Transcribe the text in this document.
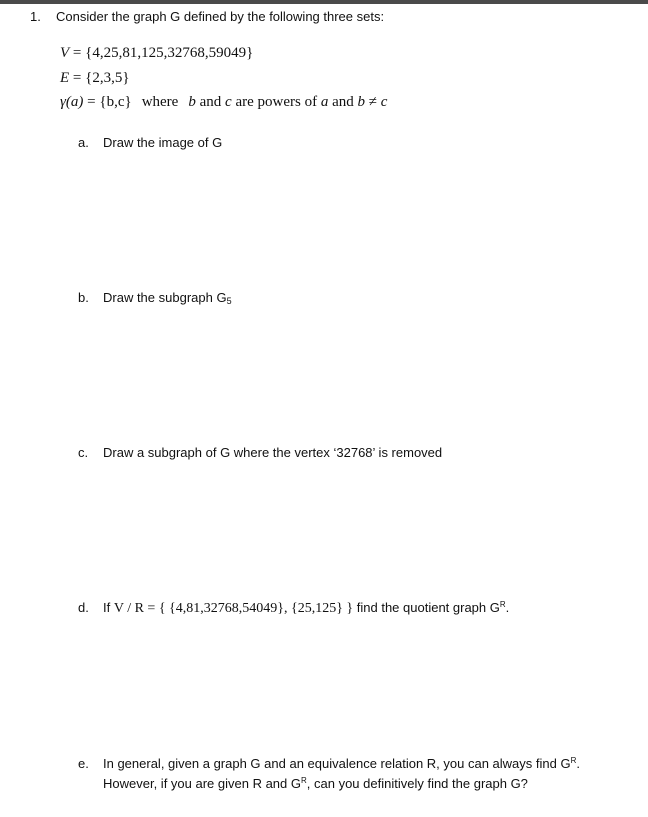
1. Consider the graph G defined by the following three sets:
V = {4,25,81,125,32768,59049}
E = {2,3,5}
γ(a) = {b,c} where b and c are powers of a and b ≠ c
a. Draw the image of G
b. Draw the subgraph $G_5$
c. Draw a subgraph of G where the vertex ‘32768’ is removed
d. If V / R = { {4,81,32768,54049}, {25,125} } find the quotient graph $G^R$.
e. In general, given a graph G and an equivalence relation R, you can always find $G^R$.
However, if you are given R and $G^R$, can you definitively find the graph G?
